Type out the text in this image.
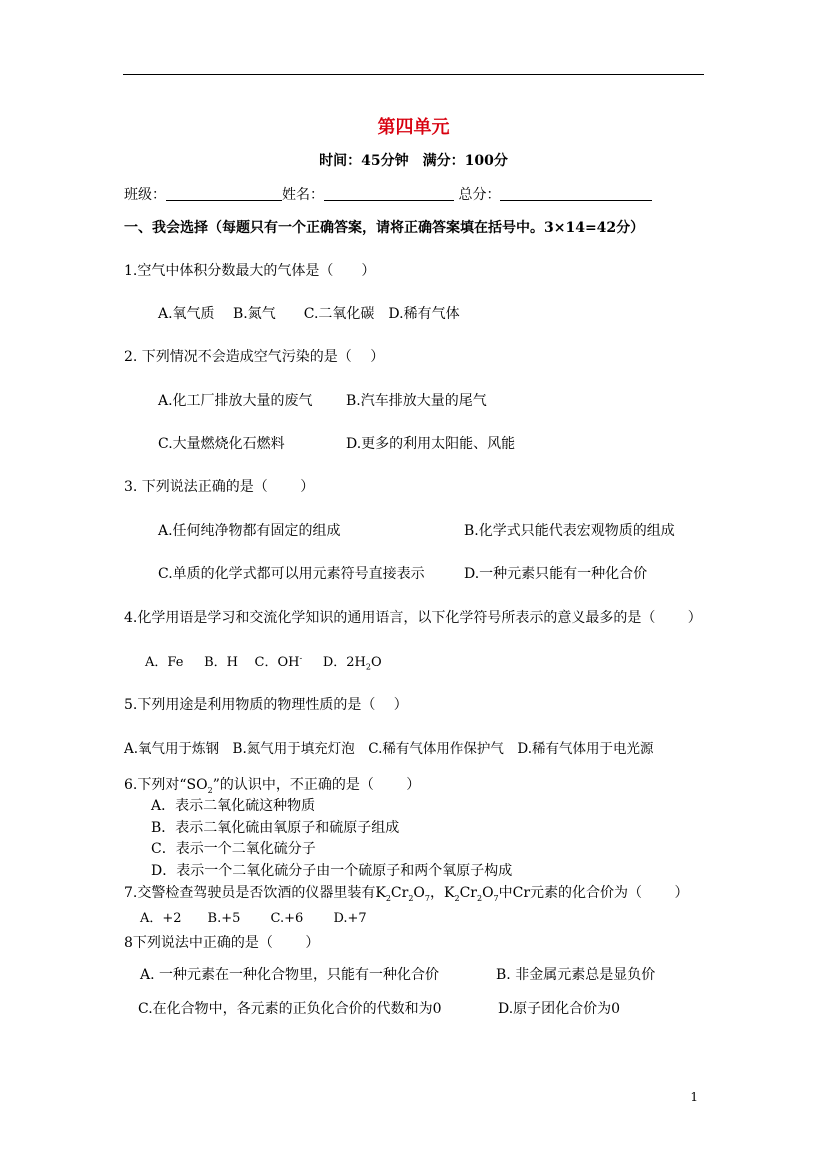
第四单元
时间：45分钟　满分：100分
班级：	姓名：	总分：
一、我会选择（每题只有一个正确答案，请将正确答案填在括号中。3×14=42分）
1.空气中体积分数最大的气体是（　　）
A.氧气质　 B.氮气　　C.二氧化碳　D.稀有气体
2. 下列情况不会造成空气污染的是（　 ）
A.化工厂排放大量的废气 B.汽车排放大量的尾气
C.大量燃烧化石燃料	D.更多的利用太阳能、风能
3. 下列说法正确的是（　　 ）
A.任何纯净物都有固定的组成	B.化学式只能代表宏观物质的组成
C.单质的化学式都可以用元素符号直接表示	D.一种元素只能有一种化合价
4.化学用语是学习和交流化学知识的通用语言，以下化学符号所表示的意义最多的是（　　 ）
A．Fe B．H C．OH- D．$2H_2O$
5.下列用途是利用物质的物理性质的是（　 ）
A.氧气用于炼钢　B.氮气用于填充灯泡　C.稀有气体用作保护气　D.稀有气体用于电光源
6.下列对“$SO_2$”的认识中，不正确的是（　　 ）
A．表示二氧化硫这种物质
B．表示二氧化硫由氧原子和硫原子组成
C．表示一个二氧化硫分子
D．表示一个二氧化硫分子由一个硫原子和两个氧原子构成
7.交警检查驾驶员是否饮酒的仪器里装有$K_2Cr_2O_7$，$K_2Cr_2O_7$中Cr元素的化合价为（　　 ）
A．+2　　B.+5　　 C.+6　　 D.+7
8下列说法中正确的是（　　 ）
A. 一种元素在一种化合物里，只能有一种化合价	B. 非金属元素总是显负价
C.在化合物中，各元素的正负化合价的代数和为0	D.原子团化合价为0
1
